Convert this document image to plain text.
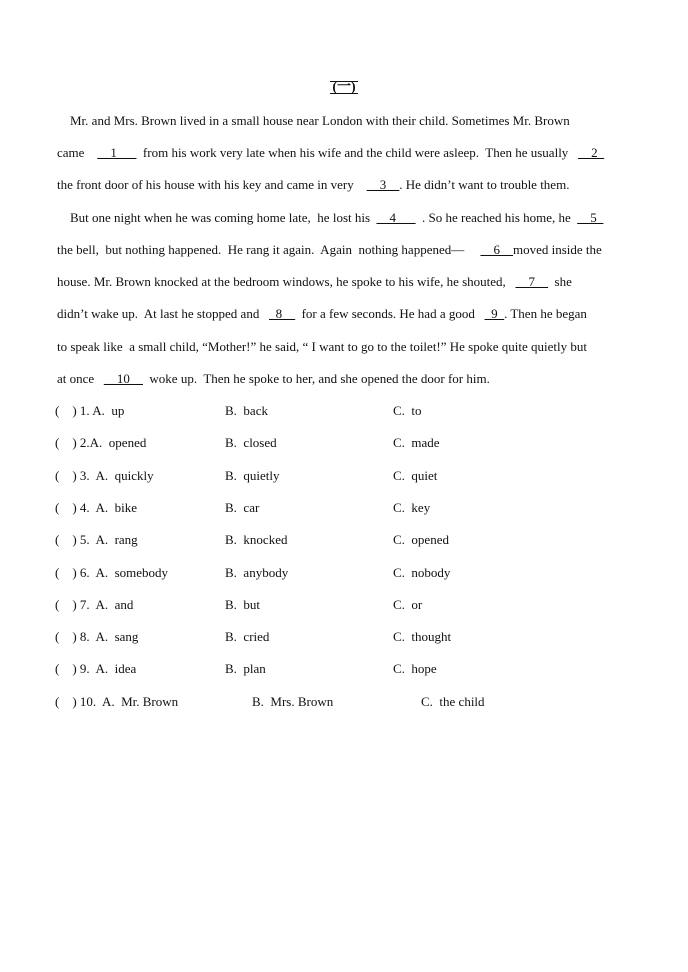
(一)
Mr. and Mrs. Brown lived in a small house near London with their child. Sometimes Mr. Brown
came    __1___  from his work very late when his wife and the child were asleep.  Then he usually   __2_
the front door of his house with his key and came in very    __3__. He didn’t want to trouble them.
But one night when he was coming home late,  he lost his  __4___  . So he reached his home, he  __5_
the bell,  but nothing happened.  He rang it again.  Again  nothing happened—     __6__moved inside the
house. Mr. Brown knocked at the bedroom windows, he spoke to his wife, he shouted,   __7__  she
didn’t wake up.  At last he stopped and   _8__  for a few seconds. He had a good   _9_. Then he began
to speak like  a small child, “Mother!” he said, “ I want to go to the toilet!” He spoke quite quietly but
at once   __10__  woke up.  Then he spoke to her, and she opened the door for him.

(    ) 1. A.  up

	B.  back

	C.  to

(    ) 2.A.  opened

	B.  closed

	C.  made

(    ) 3.  A.  quickly

	B.  quietly

	C.  quiet

(    ) 4.  A.  bike

	B.  car

	C.  key

(    ) 5.  A.  rang

	B.  knocked

	C.  opened

(    ) 6.  A.  somebody

	B.  anybody

	C.  nobody

(    ) 7.  A.  and

	B.  but

	C.  or

(    ) 8.  A.  sang

	B.  cried

	C.  thought

(    ) 9.  A.  idea

	B.  plan

	C.  hope

(    ) 10.  A.  Mr. Brown

	B.  Mrs. Brown

	C.  the child
